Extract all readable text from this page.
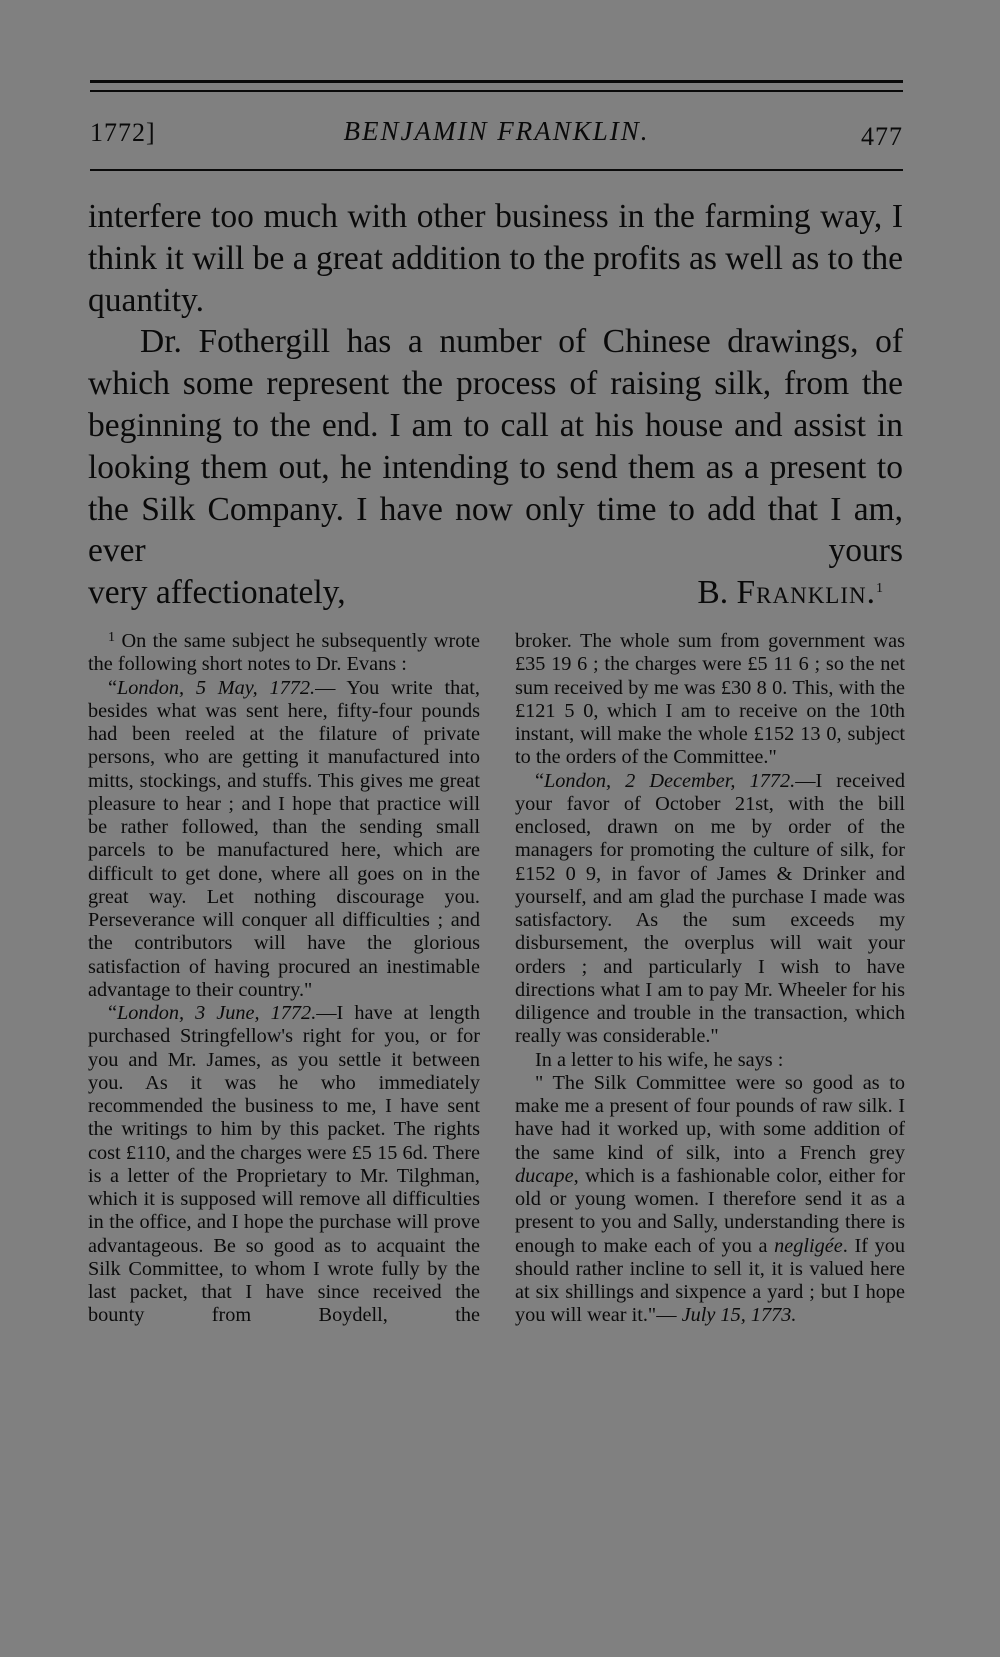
1772]	BENJAMIN FRANKLIN.	477

interfere too much with other business in the farming way, I think it will be a great addition to the profits as well as to the quantity.

Dr. Fothergill has a number of Chinese drawings, of which some represent the process of raising silk, from the beginning to the end. I am to call at his house and assist in looking them out, he intending to send them as a present to the Silk Company. I have now only time to add that I am, ever yours

very affectionately,	B. Franklin.$^1$

$^1$ On the same subject he subsequently wrote the following short notes to Dr. Evans :

“London, 5 May, 1772.— You write that, besides what was sent here, fifty-four pounds had been reeled at the filature of private persons, who are getting it manufactured into mitts, stockings, and stuffs. This gives me great pleasure to hear ; and I hope that practice will be rather followed, than the sending small parcels to be manufactured here, which are difficult to get done, where all goes on in the great way. Let nothing discourage you. Perseverance will conquer all difficulties ; and the contributors will have the glorious satisfaction of having procured an inestimable advantage to their country."

“London, 3 June, 1772.—I have at length purchased Stringfellow's right for you, or for you and Mr. James, as you settle it between you. As it was he who immediately recommended the business to me, I have sent the writings to him by this packet. The rights cost £110, and the charges were £5 15 6d. There is a letter of the Proprietary to Mr. Tilghman, which it is supposed will remove all difficulties in the office, and I hope the purchase will prove advantageous. Be so good as to acquaint the Silk Committee, to whom I wrote fully by the last packet, that I have since received the bounty from Boydell, the

broker. The whole sum from government was £35 19 6 ; the charges were £5 11 6 ; so the net sum received by me was £30 8 0. This, with the £121 5 0, which I am to receive on the 10th instant, will make the whole £152 13 0, subject to the orders of the Committee."

“London, 2 December, 1772.—I received your favor of October 21st, with the bill enclosed, drawn on me by order of the managers for promoting the culture of silk, for £152 0 9, in favor of James & Drinker and yourself, and am glad the purchase I made was satisfactory. As the sum exceeds my disbursement, the overplus will wait your orders ; and particularly I wish to have directions what I am to pay Mr. Wheeler for his diligence and trouble in the transaction, which really was considerable."

In a letter to his wife, he says :

" The Silk Committee were so good as to make me a present of four pounds of raw silk. I have had it worked up, with some addition of the same kind of silk, into a French grey ducape, which is a fashionable color, either for old or young women. I therefore send it as a present to you and Sally, understanding there is enough to make each of you a negligée. If you should rather incline to sell it, it is valued here at six shillings and sixpence a yard ; but I hope you will wear it."— July 15, 1773.
